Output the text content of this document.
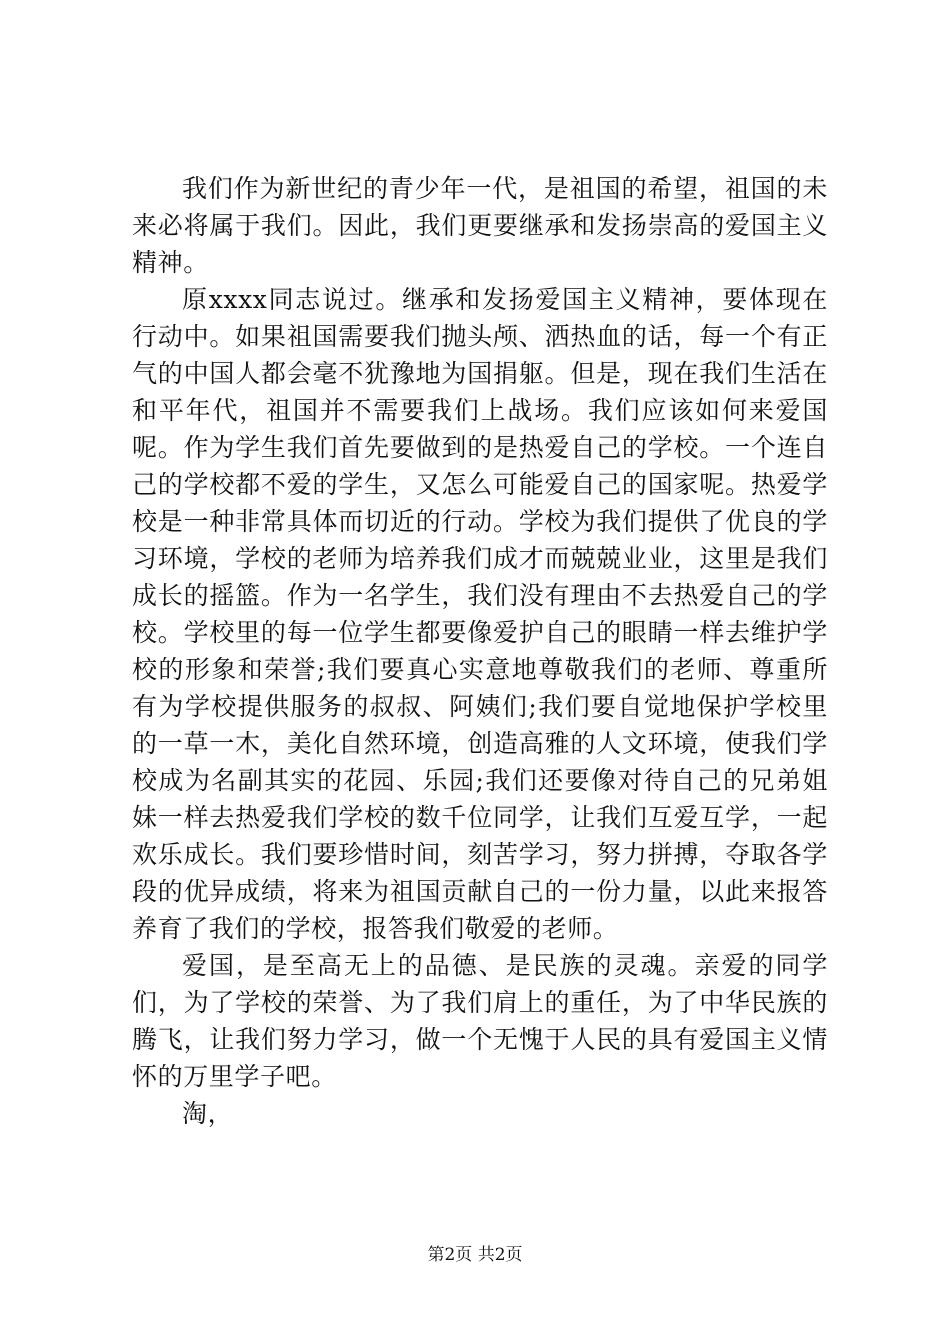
我们作为新世纪的青少年一代，是祖国的希望，祖国的未来必将属于我们。因此，我们更要继承和发扬崇高的爱国主义精神。

原xxxx同志说过。继承和发扬爱国主义精神，要体现在行动中。如果祖国需要我们抛头颅、洒热血的话，每一个有正气的中国人都会毫不犹豫地为国捐躯。但是，现在我们生活在和平年代，祖国并不需要我们上战场。我们应该如何来爱国呢。作为学生我们首先要做到的是热爱自己的学校。一个连自己的学校都不爱的学生，又怎么可能爱自己的国家呢。热爱学校是一种非常具体而切近的行动。学校为我们提供了优良的学习环境，学校的老师为培养我们成才而兢兢业业，这里是我们成长的摇篮。作为一名学生，我们没有理由不去热爱自己的学校。学校里的每一位学生都要像爱护自己的眼睛一样去维护学校的形象和荣誉;我们要真心实意地尊敬我们的老师、尊重所有为学校提供服务的叔叔、阿姨们;我们要自觉地保护学校里的一草一木，美化自然环境，创造高雅的人文环境，使我们学校成为名副其实的花园、乐园;我们还要像对待自己的兄弟姐妹一样去热爱我们学校的数千位同学，让我们互爱互学，一起欢乐成长。我们要珍惜时间，刻苦学习，努力拼搏，夺取各学段的优异成绩，将来为祖国贡献自己的一份力量，以此来报答养育了我们的学校，报答我们敬爱的老师。

爱国，是至高无上的品德、是民族的灵魂。亲爱的同学们，为了学校的荣誉、为了我们肩上的重任，为了中华民族的腾飞，让我们努力学习，做一个无愧于人民的具有爱国主义情怀的万里学子吧。

淘，

第2页 共2页
